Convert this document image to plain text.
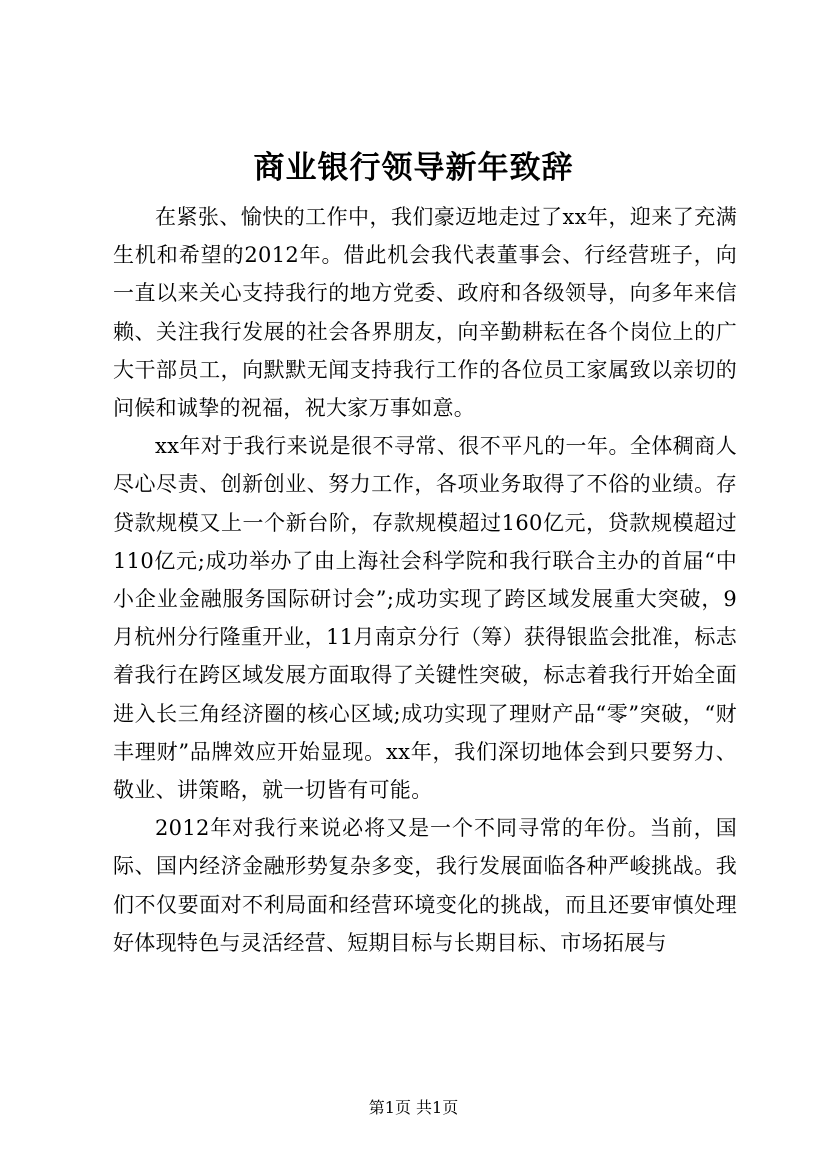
商业银行领导新年致辞

在紧张、愉快的工作中，我们豪迈地走过了xx年，迎来了充满生机和希望的2012年。借此机会我代表董事会、行经营班子，向一直以来关心支持我行的地方党委、政府和各级领导，向多年来信赖、关注我行发展的社会各界朋友，向辛勤耕耘在各个岗位上的广大干部员工，向默默无闻支持我行工作的各位员工家属致以亲切的问候和诚挚的祝福，祝大家万事如意。

xx年对于我行来说是很不寻常、很不平凡的一年。全体稠商人尽心尽责、创新创业、努力工作，各项业务取得了不俗的业绩。存贷款规模又上一个新台阶，存款规模超过160亿元，贷款规模超过110亿元;成功举办了由上海社会科学院和我行联合主办的首届“中小企业金融服务国际研讨会”;成功实现了跨区域发展重大突破，9月杭州分行隆重开业，11月南京分行（筹）获得银监会批准，标志着我行在跨区域发展方面取得了关键性突破，标志着我行开始全面进入长三角经济圈的核心区域;成功实现了理财产品“零”突破，“财丰理财”品牌效应开始显现。xx年，我们深切地体会到只要努力、敬业、讲策略，就一切皆有可能。

2012年对我行来说必将又是一个不同寻常的年份。当前，国际、国内经济金融形势复杂多变，我行发展面临各种严峻挑战。我们不仅要面对不利局面和经营环境变化的挑战，而且还要审慎处理好体现特色与灵活经营、短期目标与长期目标、市场拓展与

第1页 共1页
